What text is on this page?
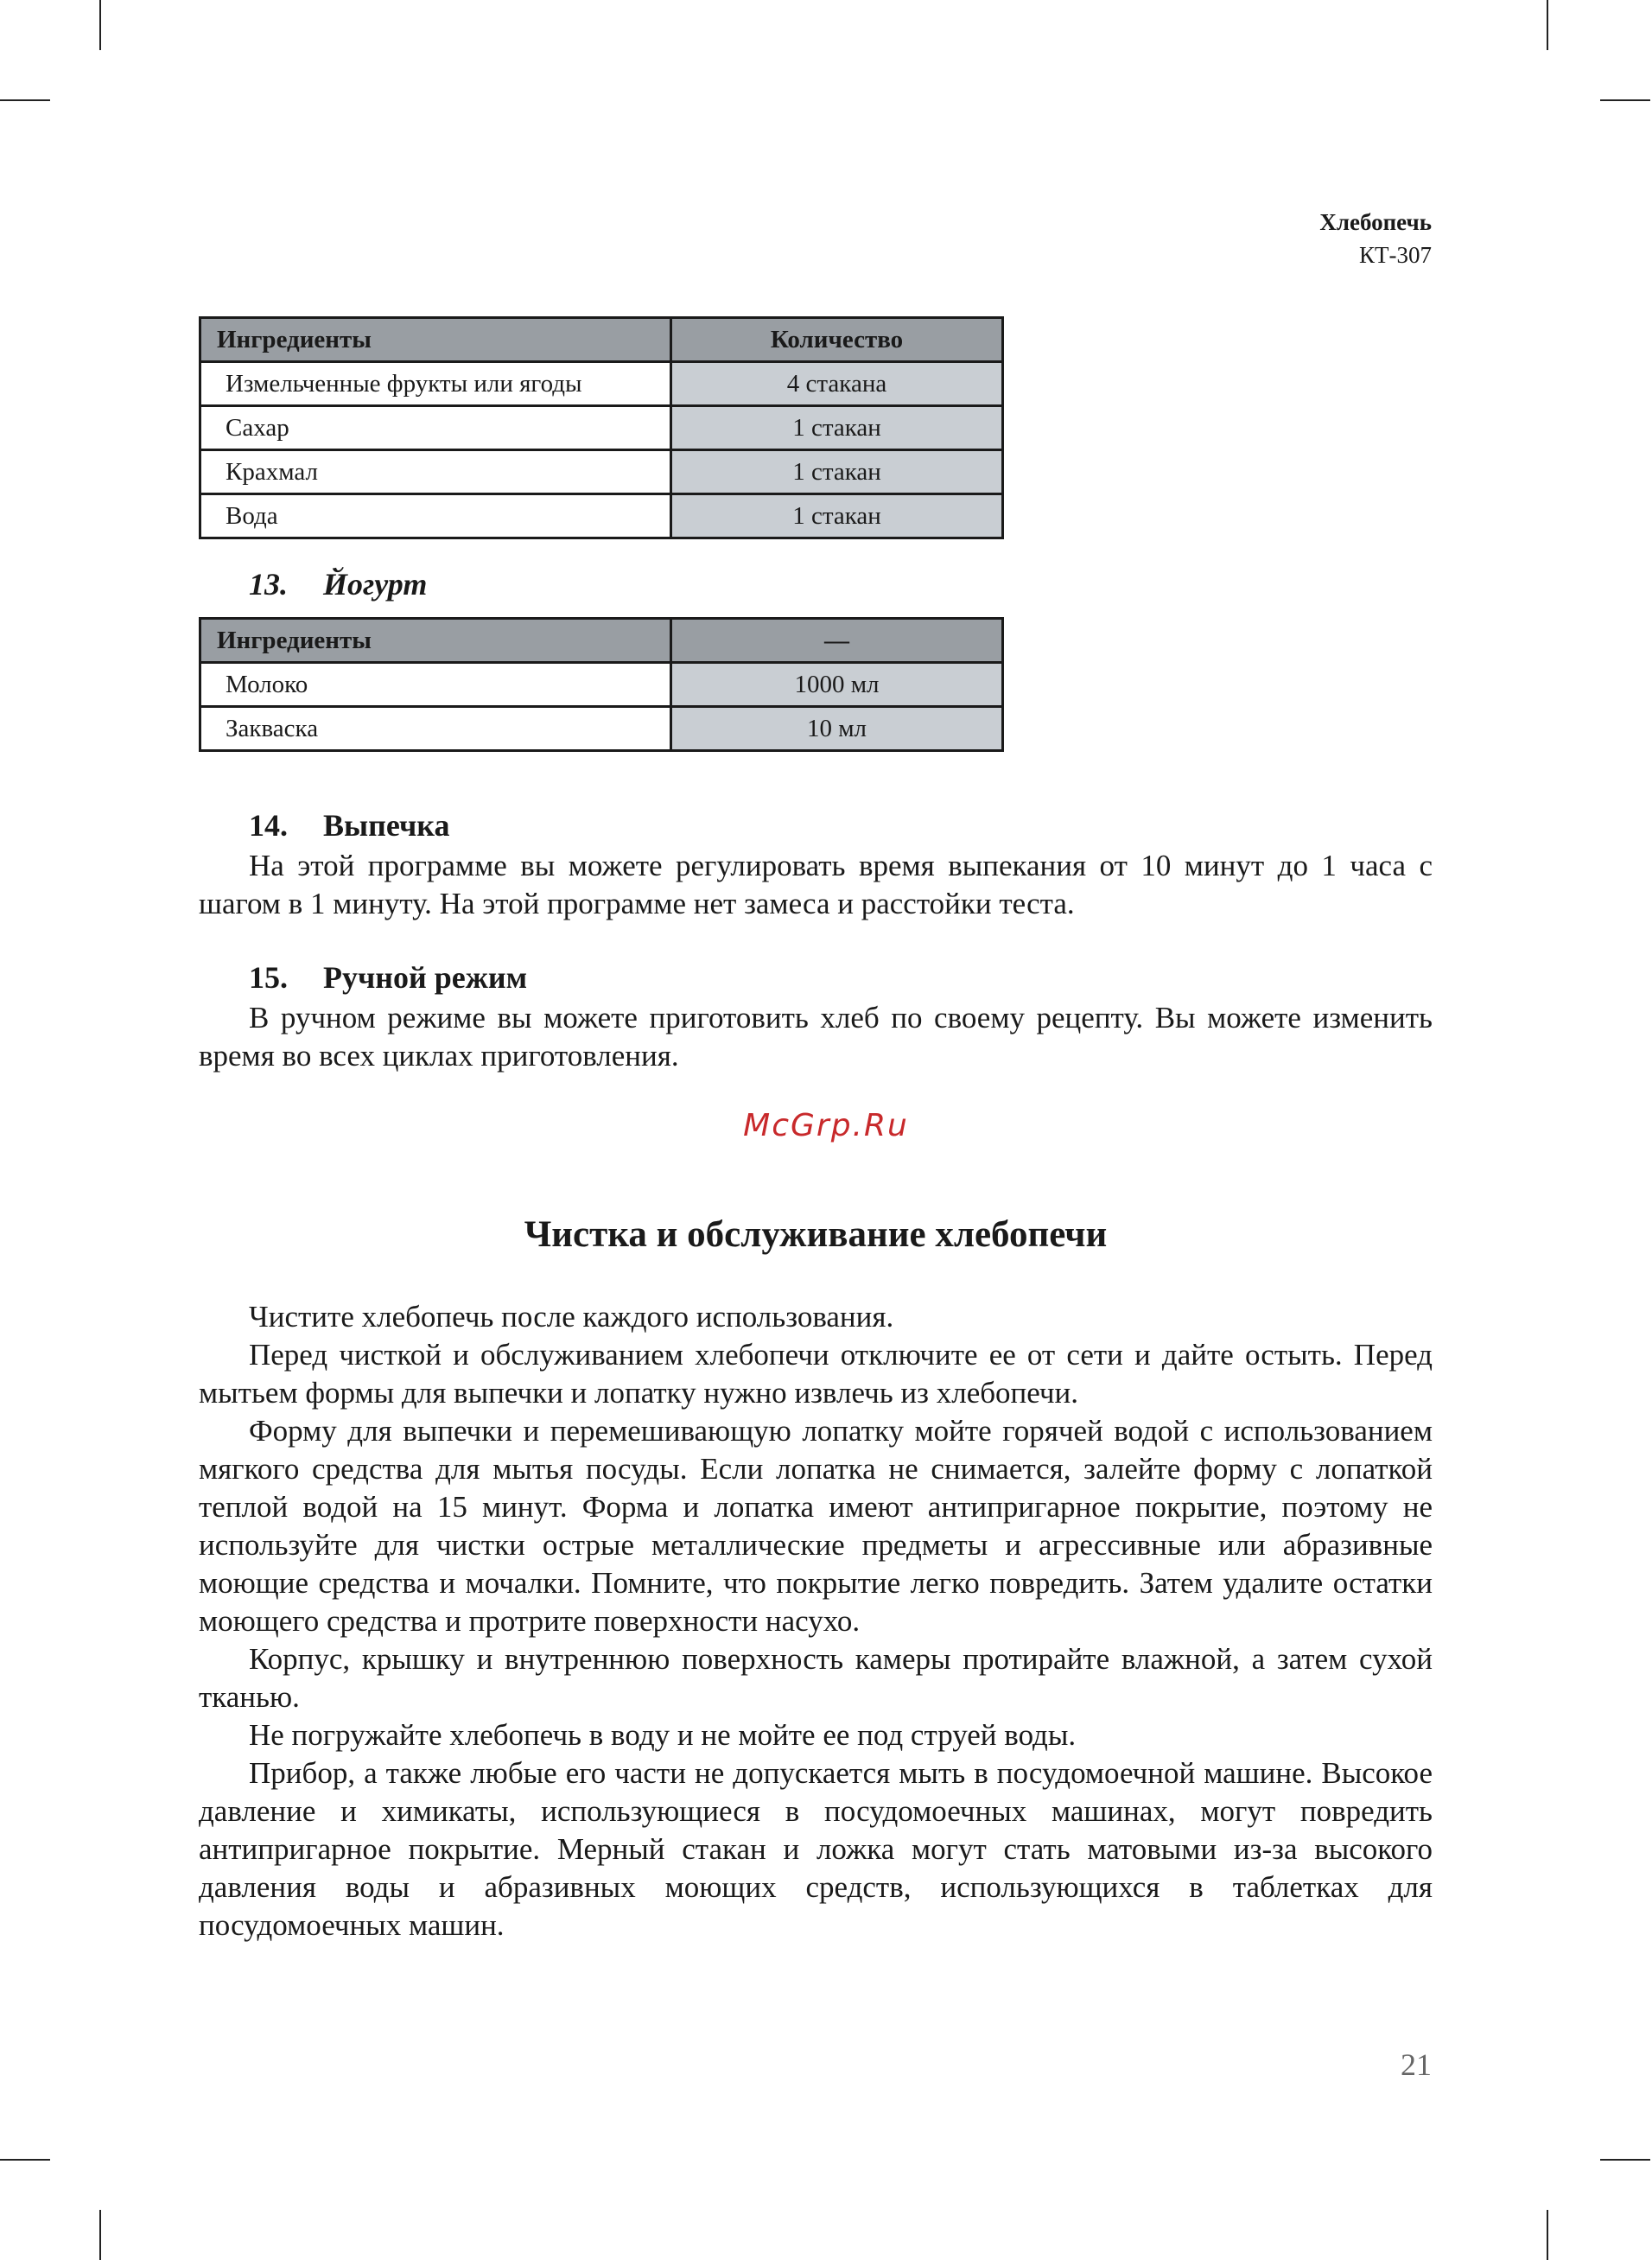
Хлебопечь
КТ-307
Ингредиенты	Количество
Измельченные фрукты или ягоды	4 стакана
Сахар	1 стакан
Крахмал	1 стакан
Вода	1 стакан
13. Йогурт
Ингредиенты	—
Молоко	1000 мл
Закваска	10 мл
14. Выпечка

На этой программе вы можете регулировать время выпекания от 10 минут до 1 часа с шагом в 1 минуту. На этой программе нет замеса и расстойки теста.

15. Ручной режим

В ручном режиме вы можете приготовить хлеб по своему рецепту. Вы можете изменить время во всех циклах приготовления.

McGrp.Ru
Чистка и обслуживание хлебопечи

Чистите хлебопечь после каждого использования.

Перед чисткой и обслуживанием хлебопечи отключите ее от сети и дайте остыть. Перед мытьем формы для выпечки и лопатку нужно извлечь из хлебопечи.

Форму для выпечки и перемешивающую лопатку мойте горячей водой с использованием мягкого средства для мытья посуды. Если лопатка не снимается, залейте форму с лопаткой теплой водой на 15 минут. Форма и лопатка имеют антипригарное покрытие, поэтому не используйте для чистки острые металлические предметы и агрессивные или абразивные моющие средства и мочалки. Помните, что покрытие легко повредить. Затем удалите остатки моющего средства и протрите поверхности насухо.

Корпус, крышку и внутреннюю поверхность камеры протирайте влажной, а затем сухой тканью.

Не погружайте хлебопечь в воду и не мойте ее под струей воды.

Прибор, а также любые его части не допускается мыть в посудомоечной машине. Высокое давление и химикаты, использующиеся в посудомоечных машинах, могут повредить антипригарное покрытие. Мерный стакан и ложка могут стать матовыми из-за высокого давления воды и абразивных моющих средств, использующихся в таблетках для посудомоечных машин.

21
